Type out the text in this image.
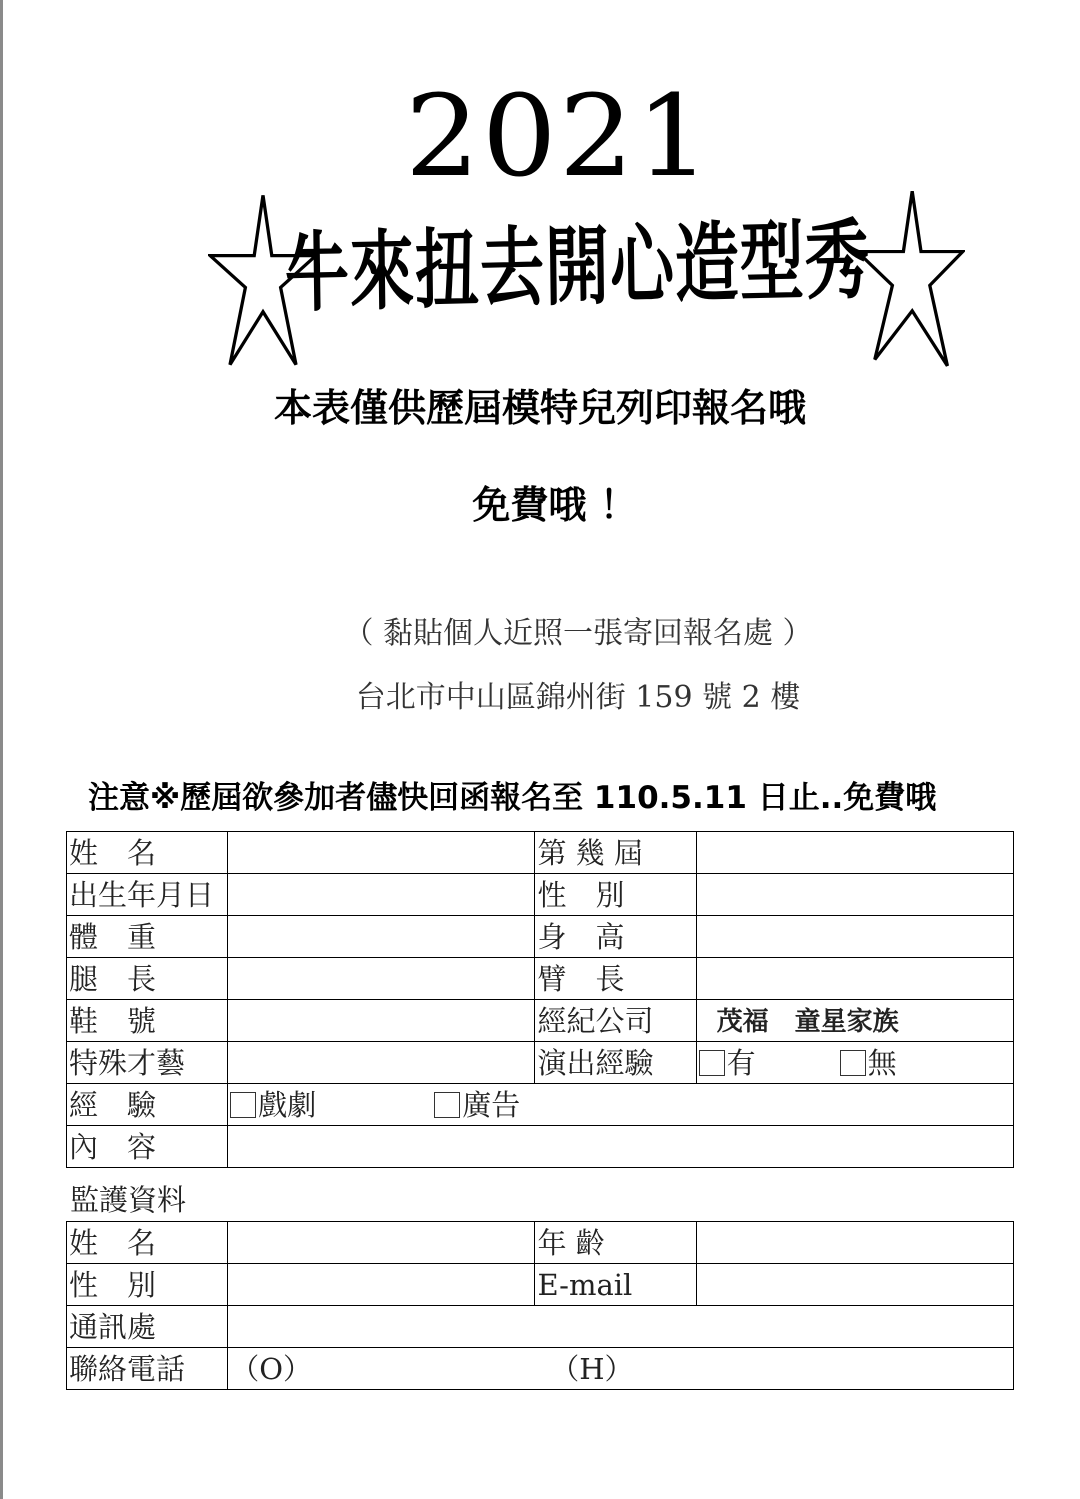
2021
牛來扭去開心造型秀
本表僅供歷屆模特兒列印報名哦
免費哦 ！
（ 黏貼個人近照一張寄回報名處 ）
台北市中山區錦州街 159 號 2 樓
注意※歷屆欲參加者儘快回函報名至 110.5.11 日止..免費哦
姓　名		第 幾 屆	
出生年月日		性　別	
體　重		身　高	
腿　長		臂　長	
鞋　號		經紀公司	茂福　童星家族
特殊才藝		演出經驗	有 無
經　驗	戲劇 廣告		
內　容			
監護資料
姓　名		年 齡	
性　別		E-mail	
通訊處			
聯絡電話	（O） （H）		
